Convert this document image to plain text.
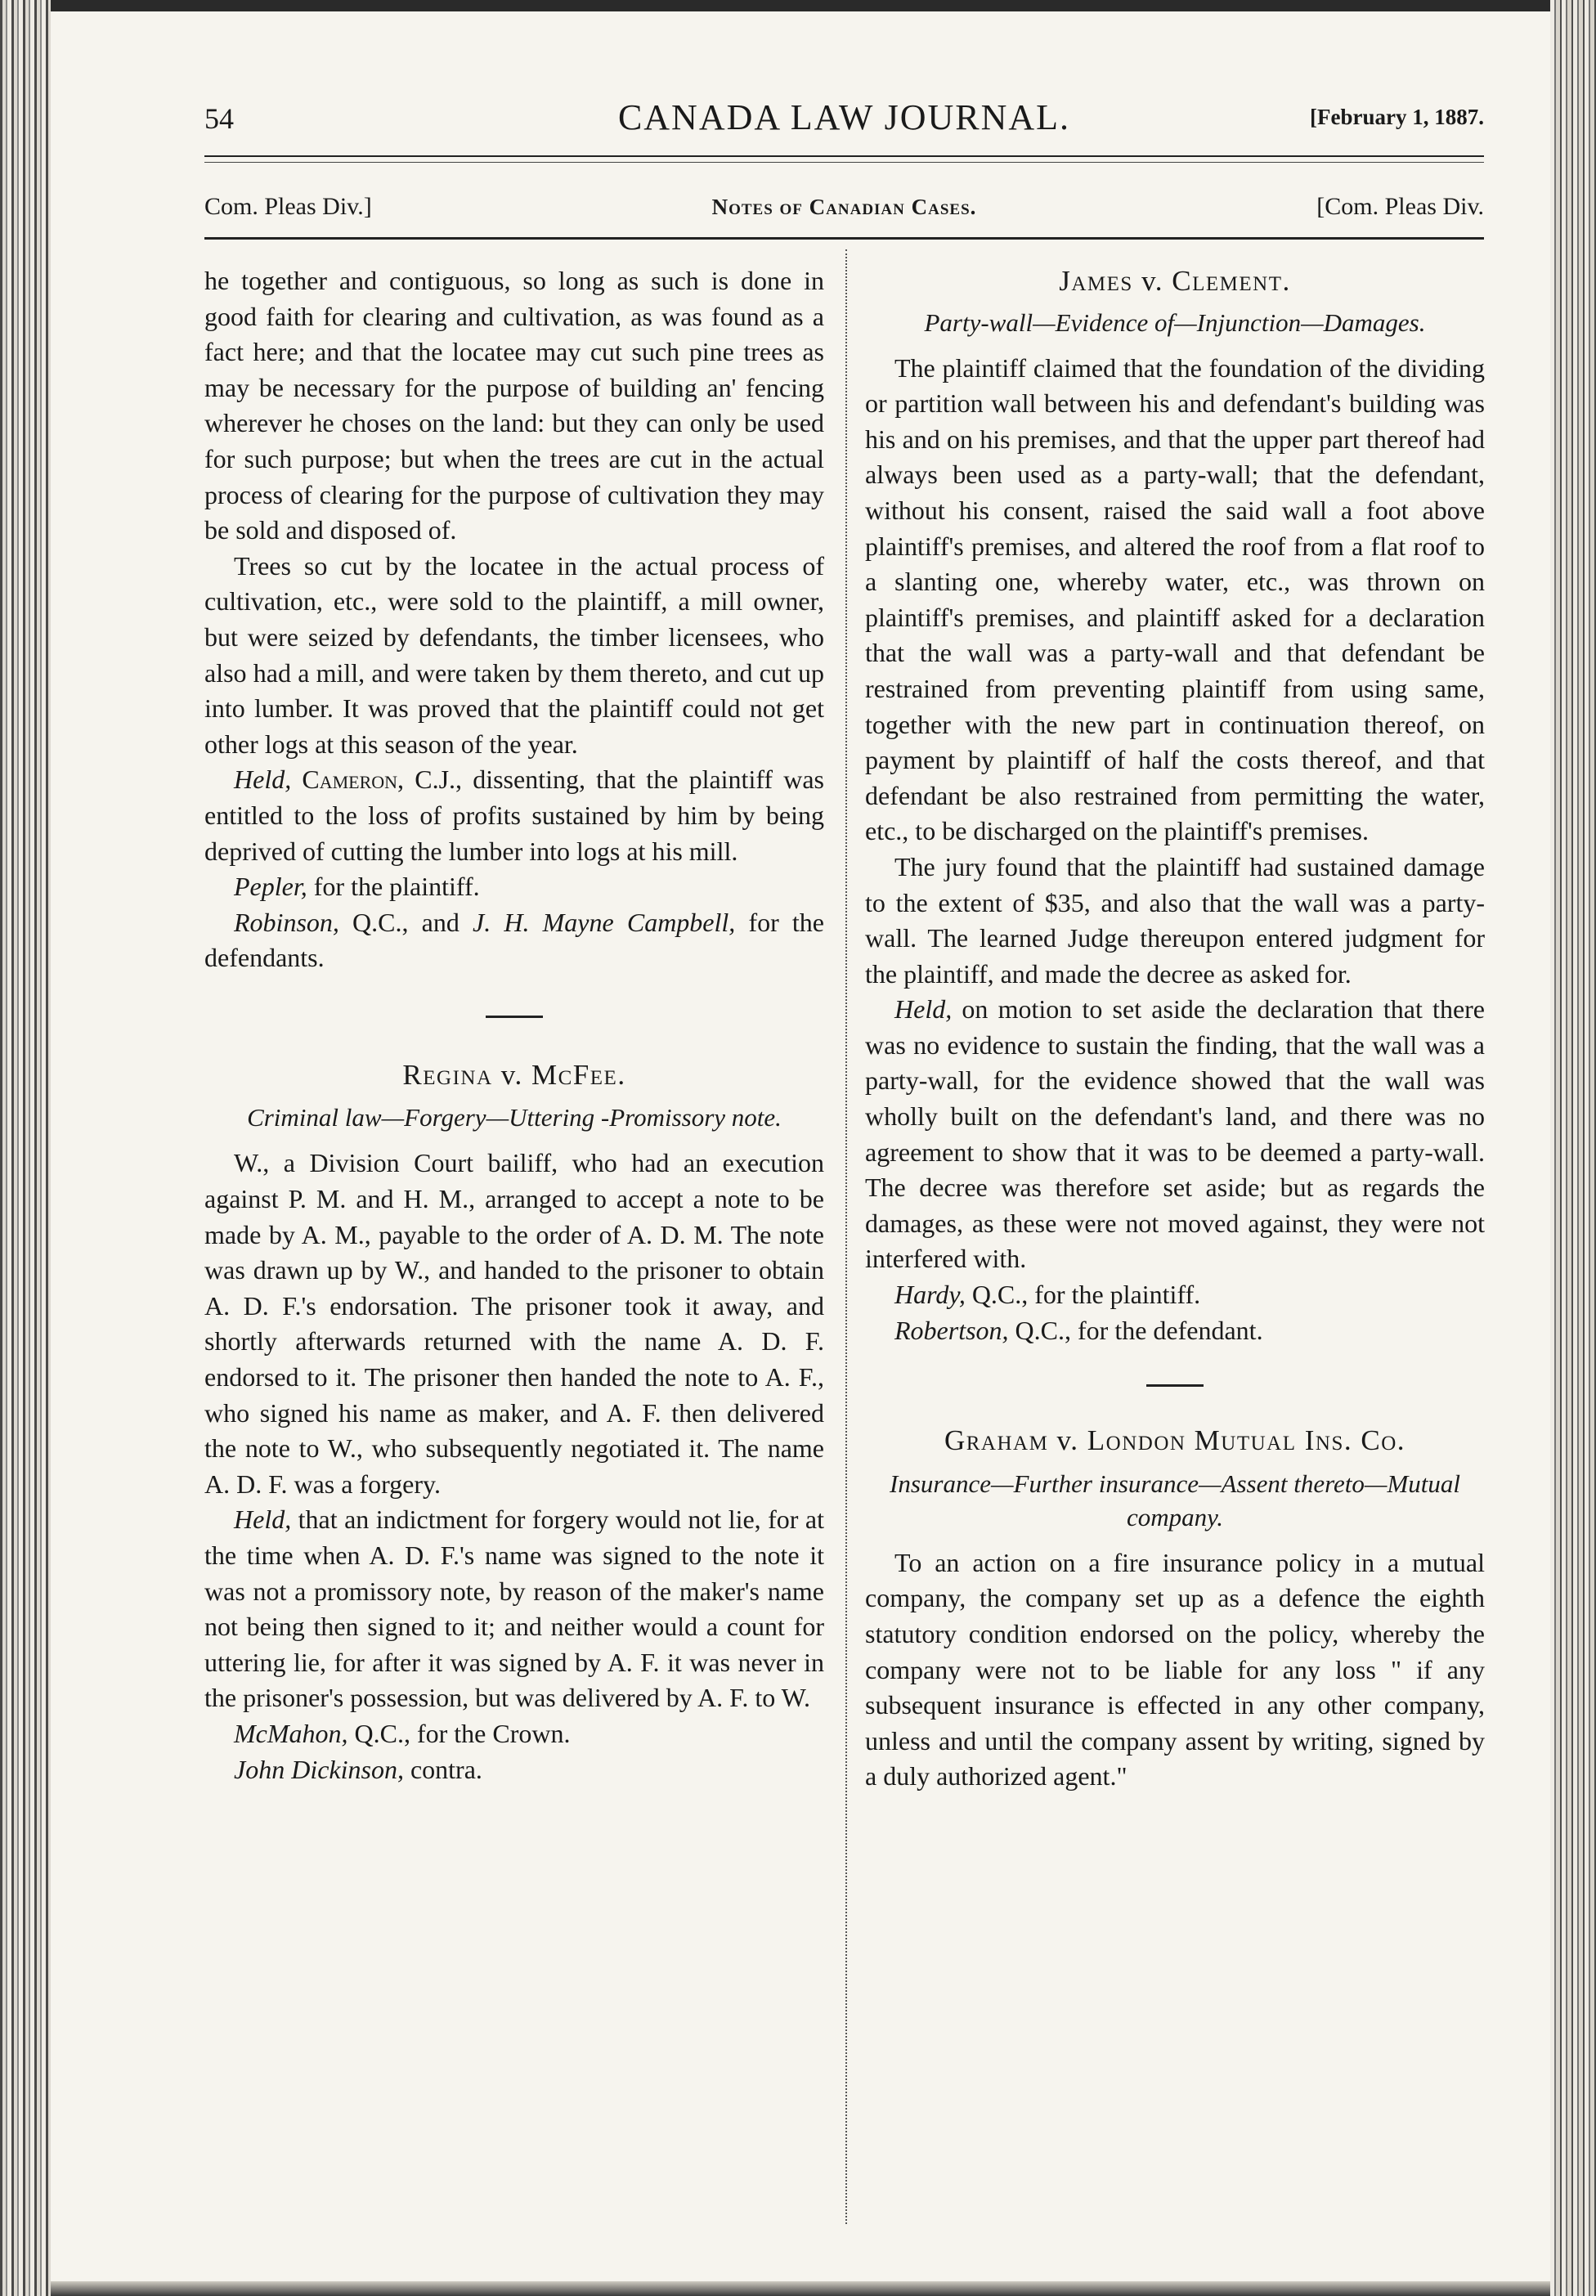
54	CANADA LAW JOURNAL.	[February 1, 1887.
Com. Pleas Div.]	Notes of Canadian Cases.	[Com. Pleas Div.

he together and contiguous, so long as such is done in good faith for clearing and cultivation, as was found as a fact here; and that the locatee may cut such pine trees as may be necessary for the purpose of building an' fencing wherever he choses on the land: but they can only be used for such purpose; but when the trees are cut in the actual process of clearing for the purpose of cultivation they may be sold and disposed of.

Trees so cut by the locatee in the actual process of cultivation, etc., were sold to the plaintiff, a mill owner, but were seized by defendants, the timber licensees, who also had a mill, and were taken by them thereto, and cut up into lumber. It was proved that the plaintiff could not get other logs at this season of the year.

Held, Cameron, C.J., dissenting, that the plaintiff was entitled to the loss of profits sustained by him by being deprived of cutting the lumber into logs at his mill.

Pepler, for the plaintiff.

Robinson, Q.C., and J. H. Mayne Campbell, for the defendants.

Regina v. McFee.

Criminal law—Forgery—Uttering -Promissory note.

W., a Division Court bailiff, who had an execution against P. M. and H. M., arranged to accept a note to be made by A. M., payable to the order of A. D. M. The note was drawn up by W., and handed to the prisoner to obtain A. D. F.'s endorsation. The prisoner took it away, and shortly afterwards returned with the name A. D. F. endorsed to it. The prisoner then handed the note to A. F., who signed his name as maker, and A. F. then delivered the note to W., who subsequently negotiated it. The name A. D. F. was a forgery.

Held, that an indictment for forgery would not lie, for at the time when A. D. F.'s name was signed to the note it was not a promissory note, by reason of the maker's name not being then signed to it; and neither would a count for uttering lie, for after it was signed by A. F. it was never in the prisoner's possession, but was delivered by A. F. to W.

McMahon, Q.C., for the Crown.

John Dickinson, contra.

James v. Clement.

Party-wall—Evidence of—Injunction—Damages.

The plaintiff claimed that the foundation of the dividing or partition wall between his and defendant's building was his and on his premises, and that the upper part thereof had always been used as a party-wall; that the defendant, without his consent, raised the said wall a foot above plaintiff's premises, and altered the roof from a flat roof to a slanting one, whereby water, etc., was thrown on plaintiff's premises, and plaintiff asked for a declaration that the wall was a party-wall and that defendant be restrained from preventing plaintiff from using same, together with the new part in continuation thereof, on payment by plaintiff of half the costs thereof, and that defendant be also restrained from permitting the water, etc., to be discharged on the plaintiff's premises.

The jury found that the plaintiff had sustained damage to the extent of $35, and also that the wall was a party-wall. The learned Judge thereupon entered judgment for the plaintiff, and made the decree as asked for.

Held, on motion to set aside the declaration that there was no evidence to sustain the finding, that the wall was a party-wall, for the evidence showed that the wall was wholly built on the defendant's land, and there was no agreement to show that it was to be deemed a party-wall. The decree was therefore set aside; but as regards the damages, as these were not moved against, they were not interfered with.

Hardy, Q.C., for the plaintiff.

Robertson, Q.C., for the defendant.

Graham v. London Mutual Ins. Co.

Insurance—Further insurance—Assent thereto—Mutual company.

To an action on a fire insurance policy in a mutual company, the company set up as a defence the eighth statutory condition endorsed on the policy, whereby the company were not to be liable for any loss " if any subsequent insurance is effected in any other company, unless and until the company assent by writing, signed by a duly authorized agent."
